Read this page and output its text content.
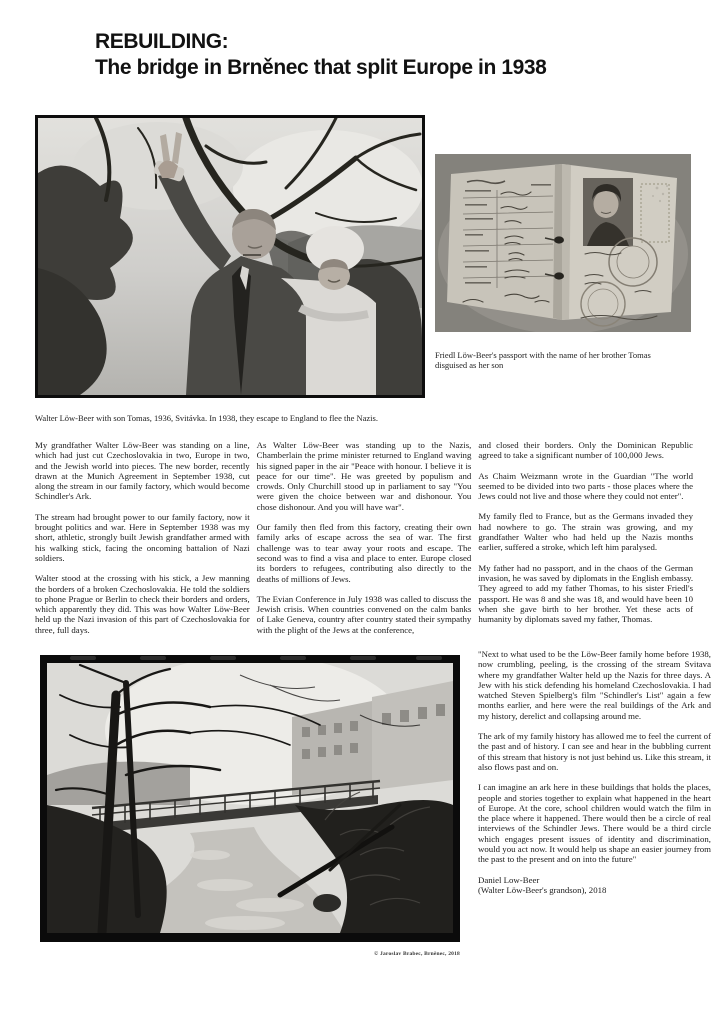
REBUILDING:
The bridge in Brněnec that split Europe in 1938

Walter Löw-Beer with son Tomas, 1936, Svitávka. In 1938, they escape to England to flee the Nazis.

Friedl Löw-Beer's passport with the name of her brother Tomas disguised as her son

My grandfather Walter Löw-Beer was standing on a line, which had just cut Czechoslovakia in two, Europe in two, and the Jewish world into pieces. The new border, recently drawn at the Munich Agreement in September 1938, cut along the stream in our family factory, which would become Schindler's Ark.

The stream had brought power to our family factory, now it brought politics and war. Here in September 1938 was my short, athletic, strongly built Jewish grandfather armed with his walking stick, facing the oncoming battalion of Nazi soldiers.

Walter stood at the crossing with his stick, a Jew manning the borders of a broken Czechoslovakia. He told the soldiers to phone Prague or Berlin to check their borders and orders, which apparently they did. This was how Walter Löw-Beer held up the Nazi invasion of this part of Czechoslovakia for three, full days.

As Walter Löw-Beer was standing up to the Nazis, Chamberlain the prime minister returned to England waving his signed paper in the air "Peace with honour. I believe it is peace for our time". He was greeted by populism and crowds. Only Churchill stood up in parliament to say "You were given the choice between war and dishonour. You chose dishonour. And you will have war".

Our family then fled from this factory, creating their own family arks of escape across the sea of war. The first challenge was to tear away your roots and escape. The second was to find a visa and place to enter. Europe closed its borders to refugees, contributing also directly to the deaths of millions of Jews.

The Evian Conference in July 1938 was called to discuss the Jewish crisis. When countries convened on the calm banks of Lake Geneva, country after country stated their sympathy with the plight of the Jews at the conference,

and closed their borders. Only the Dominican Republic agreed to take a significant number of 100,000 Jews.

As Chaim Weizmann wrote in the Guardian "The world seemed to be divided into two parts - those places where the Jews could not live and those where they could not enter".

My family fled to France, but as the Germans invaded they had nowhere to go. The strain was growing, and my grandfather Walter who had held up the Nazis months earlier, suffered a stroke, which left him paralysed.

My father had no passport, and in the chaos of the German invasion, he was saved by diplomats in the English embassy. They agreed to add my father Thomas, to his sister Friedl's passport. He was 8 and she was 18, and would have been 10 when she gave birth to her brother. Yet these acts of humanity by diplomats saved my father, Thomas.

© Jaroslav Brabec, Brněnec, 2018

"Next to what used to be the Löw-Beer family home before 1938, now crumbling, peeling, is the crossing of the stream Svitava where my grandfather Walter held up the Nazis for three days. A Jew with his stick defending his homeland Czechoslovakia. I had watched Steven Spielberg's film "Schindler's List" again a few months earlier, and here were the real buildings of the Ark and my history, derelict and collapsing around me.

The ark of my family history has allowed me to feel the current of the past and of history. I can see and hear in the bubbling current of this stream that history is not just behind us. Like this stream, it also flows past and on.

I can imagine an ark here in these buildings that holds the places, people and stories together to explain what happened in the heart of Europe. At the core, school children would watch the film in the place where it happened. There would then be a circle of real interviews of the Schindler Jews. There would be a third circle which engages present issues of identity and discrimination, would you act now. It would help us shape an easier journey from the past to the present and on into the future"

Daniel Low-Beer

(Walter Löw-Beer's grandson), 2018
